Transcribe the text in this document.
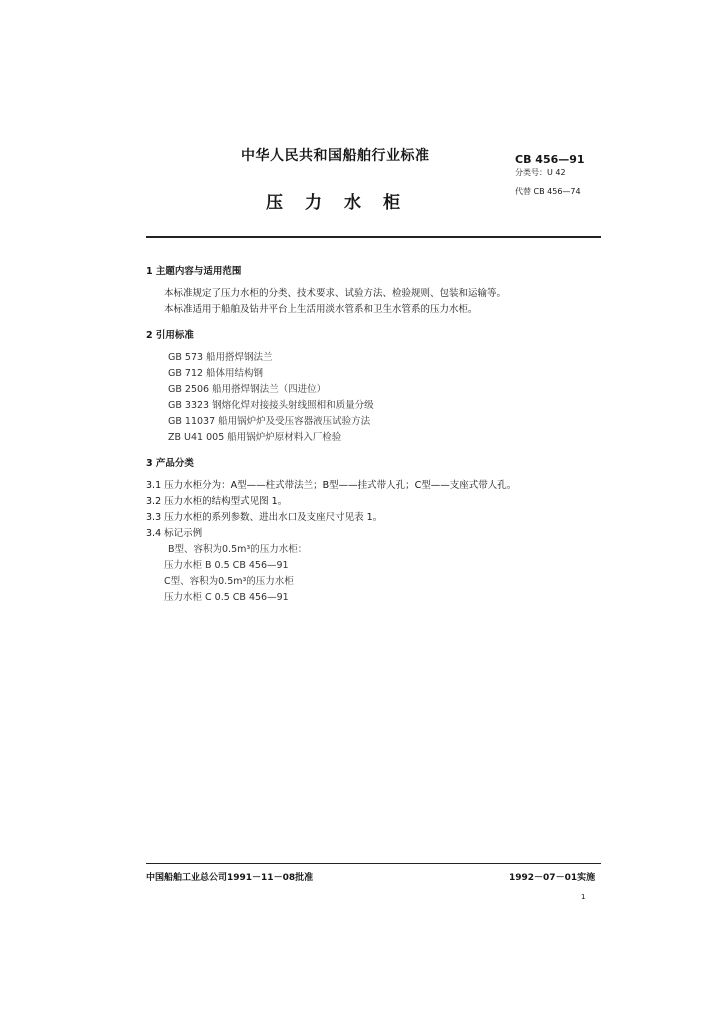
中华人民共和国船舶行业标准
压力水柜
CB 456—91
分类号：U 42
代替 CB 456—74
1 主题内容与适用范围
本标准规定了压力水柜的分类、技术要求、试验方法、检验规则、包装和运输等。
本标准适用于船舶及钻井平台上生活用淡水管系和卫生水管系的压力水柜。
2 引用标准
GB 573 船用搭焊钢法兰
GB 712 船体用结构钢
GB 2506 船用搭焊钢法兰（四进位）
GB 3323 钢熔化焊对接接头射线照相和质量分级
GB 11037 船用锅炉炉及受压容器液压试验方法
ZB U41 005 船用锅炉炉原材料入厂检验
3 产品分类
3.1 压力水柜分为：A型——柱式带法兰；B型——挂式带人孔；C型——支座式带人孔。
3.2 压力水柜的结构型式见图 1。
3.3 压力水柜的系列参数、进出水口及支座尺寸见表 1。
3.4 标记示例
B型、容积为0.5m³的压力水柜：
压力水柜 B 0.5 CB 456—91
C型、容积为0.5m³的压力水柜
压力水柜 C 0.5 CB 456—91
中国船舶工业总公司1991－11－08批准	1992－07－01实施
1
